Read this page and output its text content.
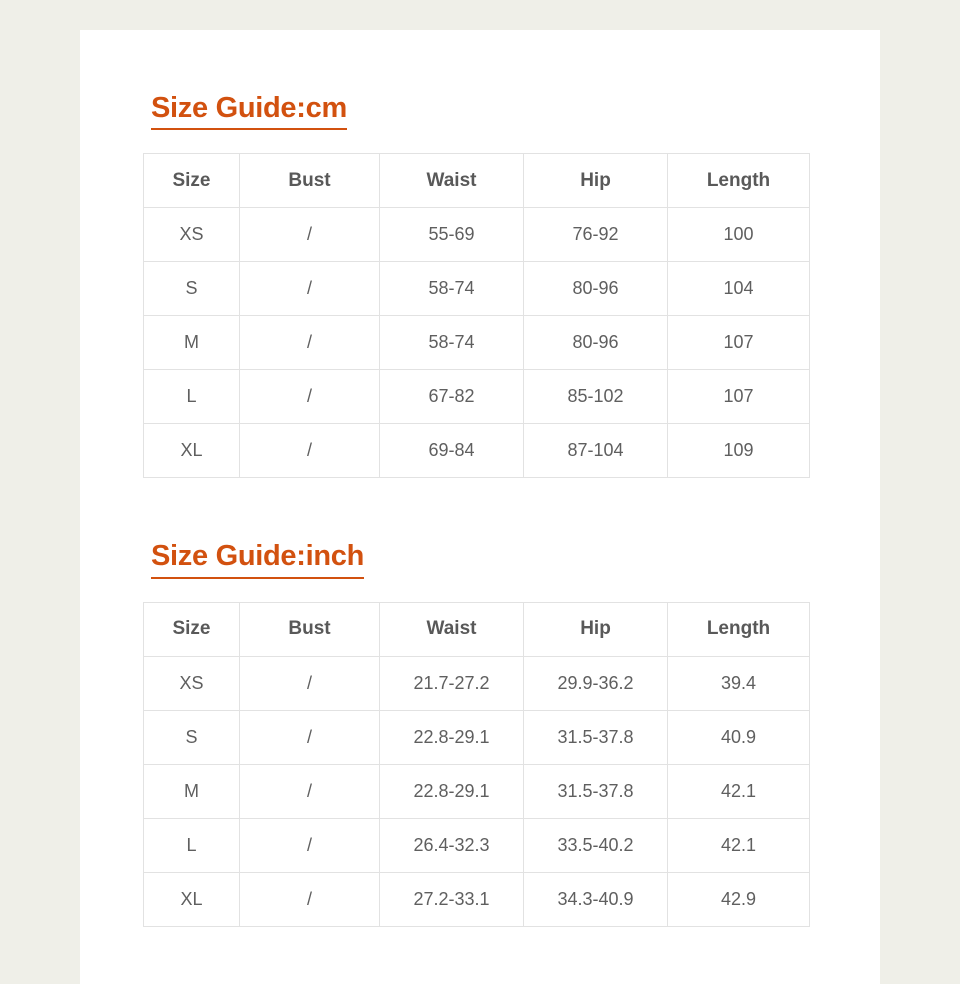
Size Guide:cm
Size	Bust	Waist	Hip	Length
XS	/	55-69	76-92	100
S	/	58-74	80-96	104
M	/	58-74	80-96	107
L	/	67-82	85-102	107
XL	/	69-84	87-104	109
Size Guide:inch
Size	Bust	Waist	Hip	Length
XS	/	21.7-27.2	29.9-36.2	39.4
S	/	22.8-29.1	31.5-37.8	40.9
M	/	22.8-29.1	31.5-37.8	42.1
L	/	26.4-32.3	33.5-40.2	42.1
XL	/	27.2-33.1	34.3-40.9	42.9
